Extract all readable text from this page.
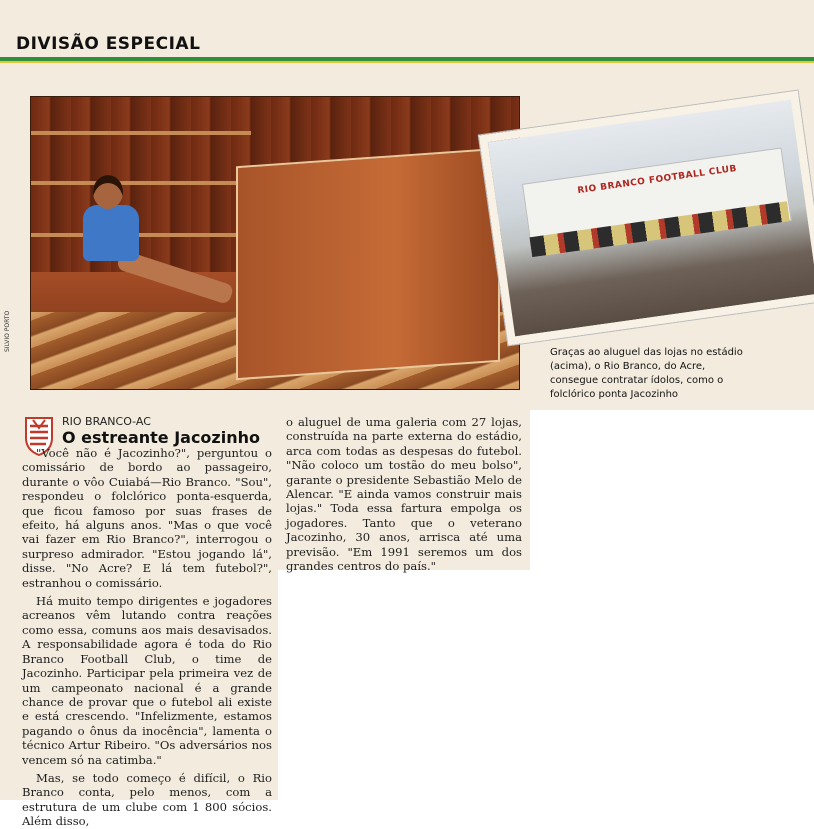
DIVISÃO ESPECIAL
SILVIO PORTO
RIO BRANCO FOOTBALL CLUB

Graças ao aluguel das lojas no estádio (acima), o Rio Branco, do Acre, consegue contratar ídolos, como o folclórico ponta Jacozinho

RIO BRANCO-AC
O estreante Jacozinho

"Você não é Jacozinho?", perguntou o comissário de bordo ao passageiro, durante o vôo Cuiabá—Rio Branco. "Sou", respondeu o folclórico ponta-esquerda, que ficou famoso por suas frases de efeito, há alguns anos. "Mas o que você vai fazer em Rio Branco?", interrogou o surpreso admirador. "Estou jogando lá", disse. "No Acre? E lá tem futebol?", estranhou o comissário.

Há muito tempo dirigentes e jogadores acreanos vêm lutando contra reações como essa, comuns aos mais desavisados. A responsabilidade agora é toda do Rio Branco Football Club, o time de Jacozinho. Participar pela primeira vez de um campeonato nacional é a grande chance de provar que o futebol ali existe e está crescendo. "Infelizmente, estamos pagando o ônus da inocência", lamenta o técnico Artur Ribeiro. "Os adversários nos vencem só na catimba."

Mas, se todo começo é difícil, o Rio Branco conta, pelo menos, com a estrutura de um clube com 1 800 sócios. Além disso,

o aluguel de uma galeria com 27 lojas, construída na parte externa do estádio, arca com todas as despesas do futebol. "Não coloco um tostão do meu bolso", garante o presidente Sebastião Melo de Alencar. "E ainda vamos construir mais lojas." Toda essa fartura empolga os jogadores. Tanto que o veterano Jacozinho, 30 anos, arrisca até uma previsão. "Em 1991 seremos um dos grandes centros do país."
